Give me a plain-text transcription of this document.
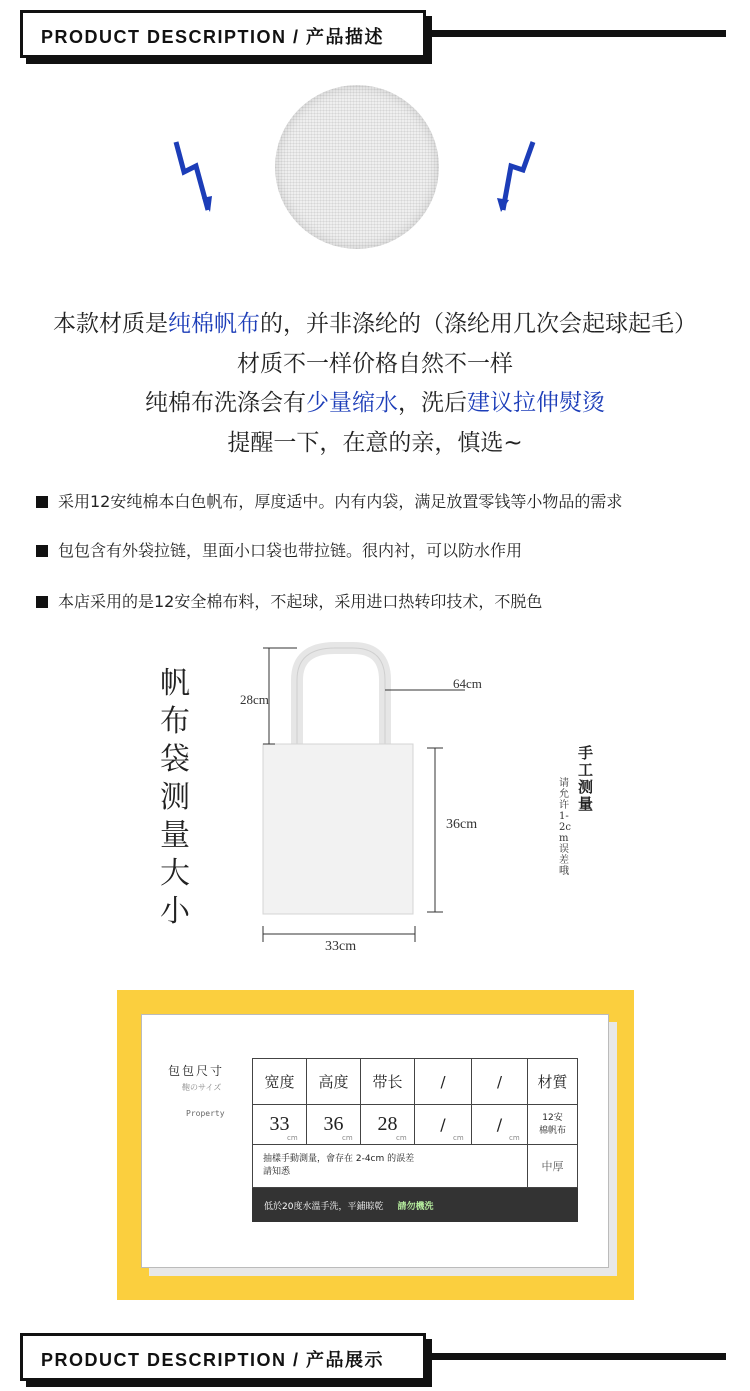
PRODUCT DESCRIPTION / 产品描述
本款材质是纯棉帆布的，并非涤纶的（涤纶用几次会起球起毛）
材质不一样价格自然不一样
纯棉布洗涤会有少量缩水，洗后建议拉伸熨烫
提醒一下，在意的亲，慎选~
采用12安纯棉本白色帆布，厚度适中。内有内袋，满足放置零钱等小物品的需求
包包含有外袋拉链，里面小口袋也带拉链。很内衬，可以防水作用
本店采用的是12安全棉布料，不起球，采用进口热转印技术，不脱色
帆布袋测量大小
28cm
64cm
36cm
33cm
手工测量
请允许1-2cm误差哦
包包尺寸
鞄のサイズ
Property
宽度	高度	带长	/	/	材質
33	36	28	/	/	12安
棉帆布
cm	cm	cm	cm	cm
抽樣手動測量，會存在 2-4cm 的誤差
請知悉	中厚
低於20度水溫手洗，平鋪晾乾 請勿機洗
PRODUCT DESCRIPTION / 产品展示
